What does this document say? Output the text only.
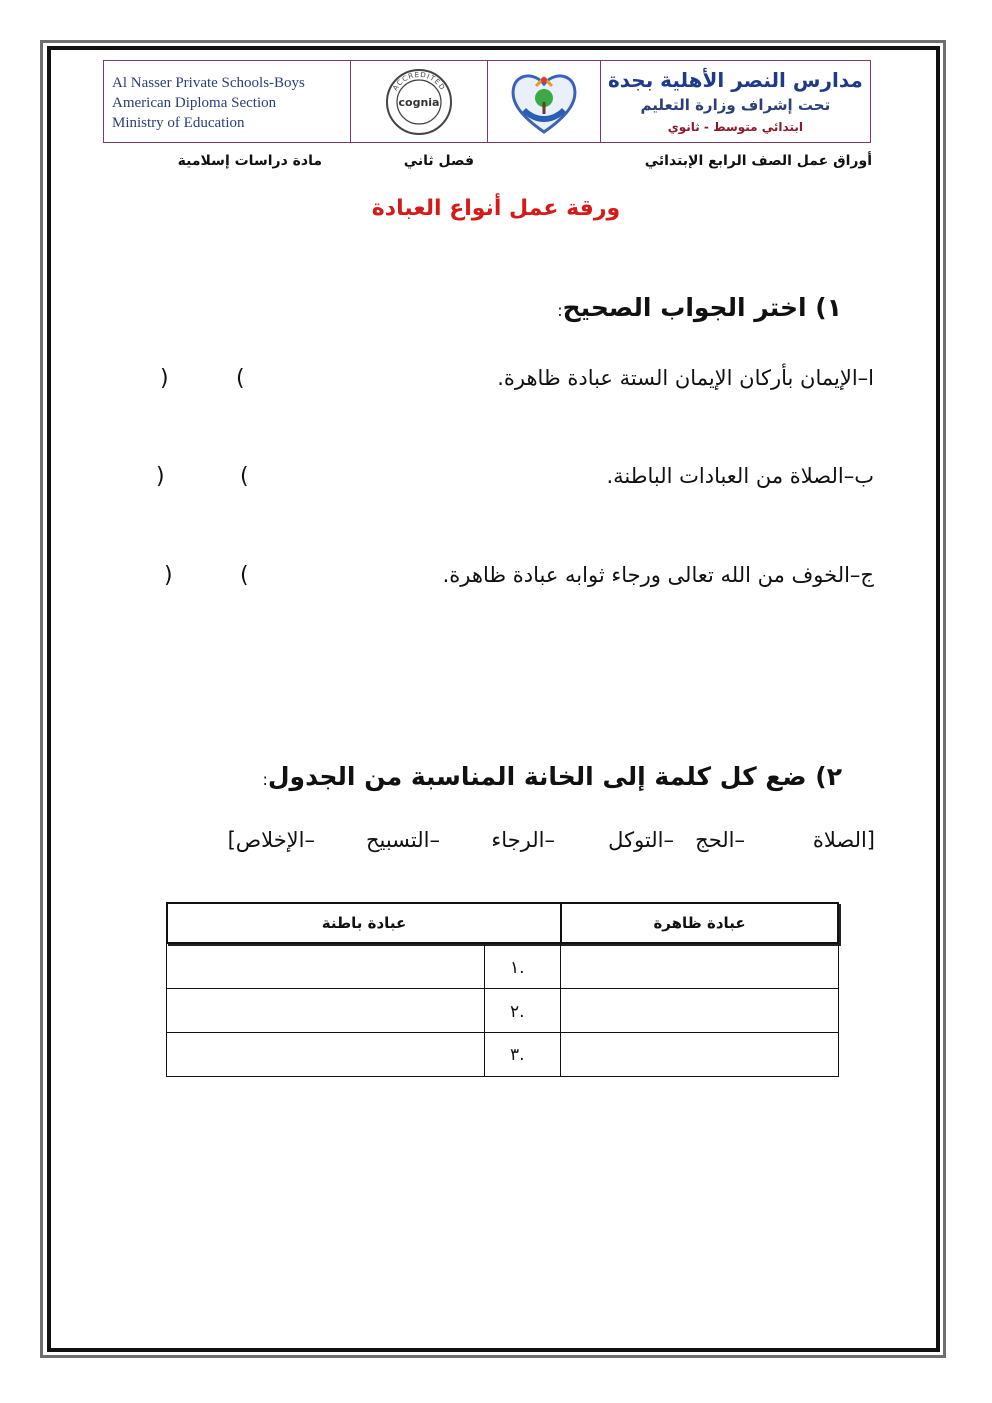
Al Nasser Private Schools-Boys
American Diploma Section
Ministry of Education
ACCREDITED
cognia
مدارس النصر الأهلية بجدة
تحت إشراف وزارة التعليم
ابتدائي متوسط - ثانوي
أوراق عمل الصف الرابع الإبتدائي
فصل ثاني
مادة دراسات إسلامية
ورقة عمل أنواع العبادة
١) اختر الجواب الصحيح:
ا–الإيمان بأركان الإيمان الستة عبادة ظاهرة.
(
)
ب–الصلاة من العبادات الباطنة.
(
)
ج–الخوف من الله تعالى ورجاء ثوابه عبادة ظاهرة.
(
)
٢) ضع كل كلمة إلى الخانة المناسبة من الجدول:
[الصلاة
–الحج
–التوكل
–الرجاء
–التسبيح
–الإخلاص]
عبادة ظاهرة
عبادة باطنة
.١
.٢
.٣
